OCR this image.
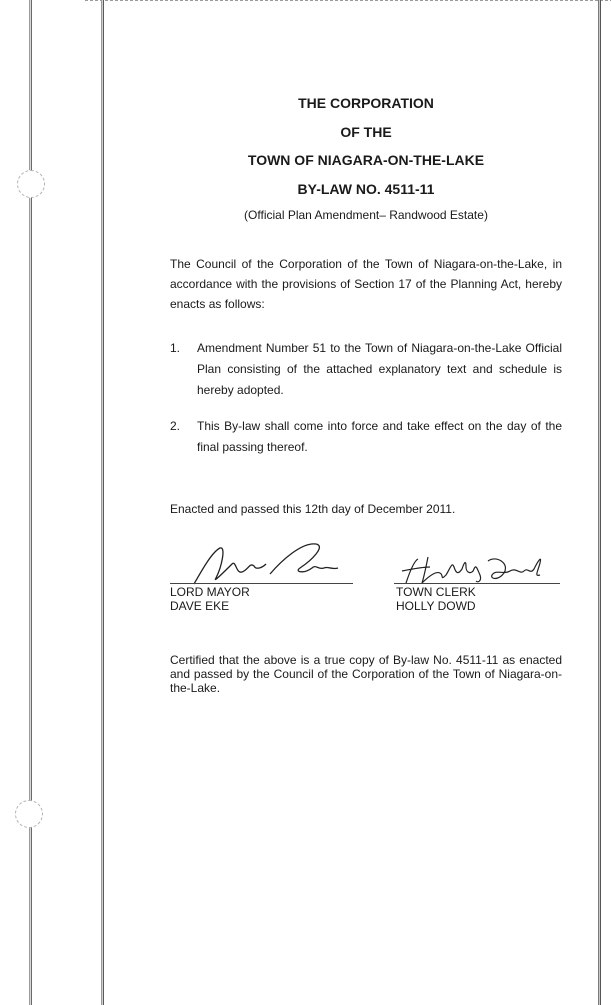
THE CORPORATION
OF THE
TOWN OF NIAGARA-ON-THE-LAKE
BY-LAW NO. 4511-11
(Official Plan Amendment– Randwood Estate)
The Council of the Corporation of the Town of Niagara-on-the-Lake, in accordance with the provisions of Section 17 of the Planning Act, hereby enacts as follows:
1. Amendment Number 51 to the Town of Niagara-on-the-Lake Official Plan consisting of the attached explanatory text and schedule is hereby adopted.
2. This By-law shall come into force and take effect on the day of the final passing thereof.
Enacted and passed this 12th day of December 2011.
LORD MAYOR
DAVE EKE
TOWN CLERK
HOLLY DOWD
Certified that the above is a true copy of By-law No. 4511-11 as enacted and passed by the Council of the Corporation of the Town of Niagara-on-the-Lake.
